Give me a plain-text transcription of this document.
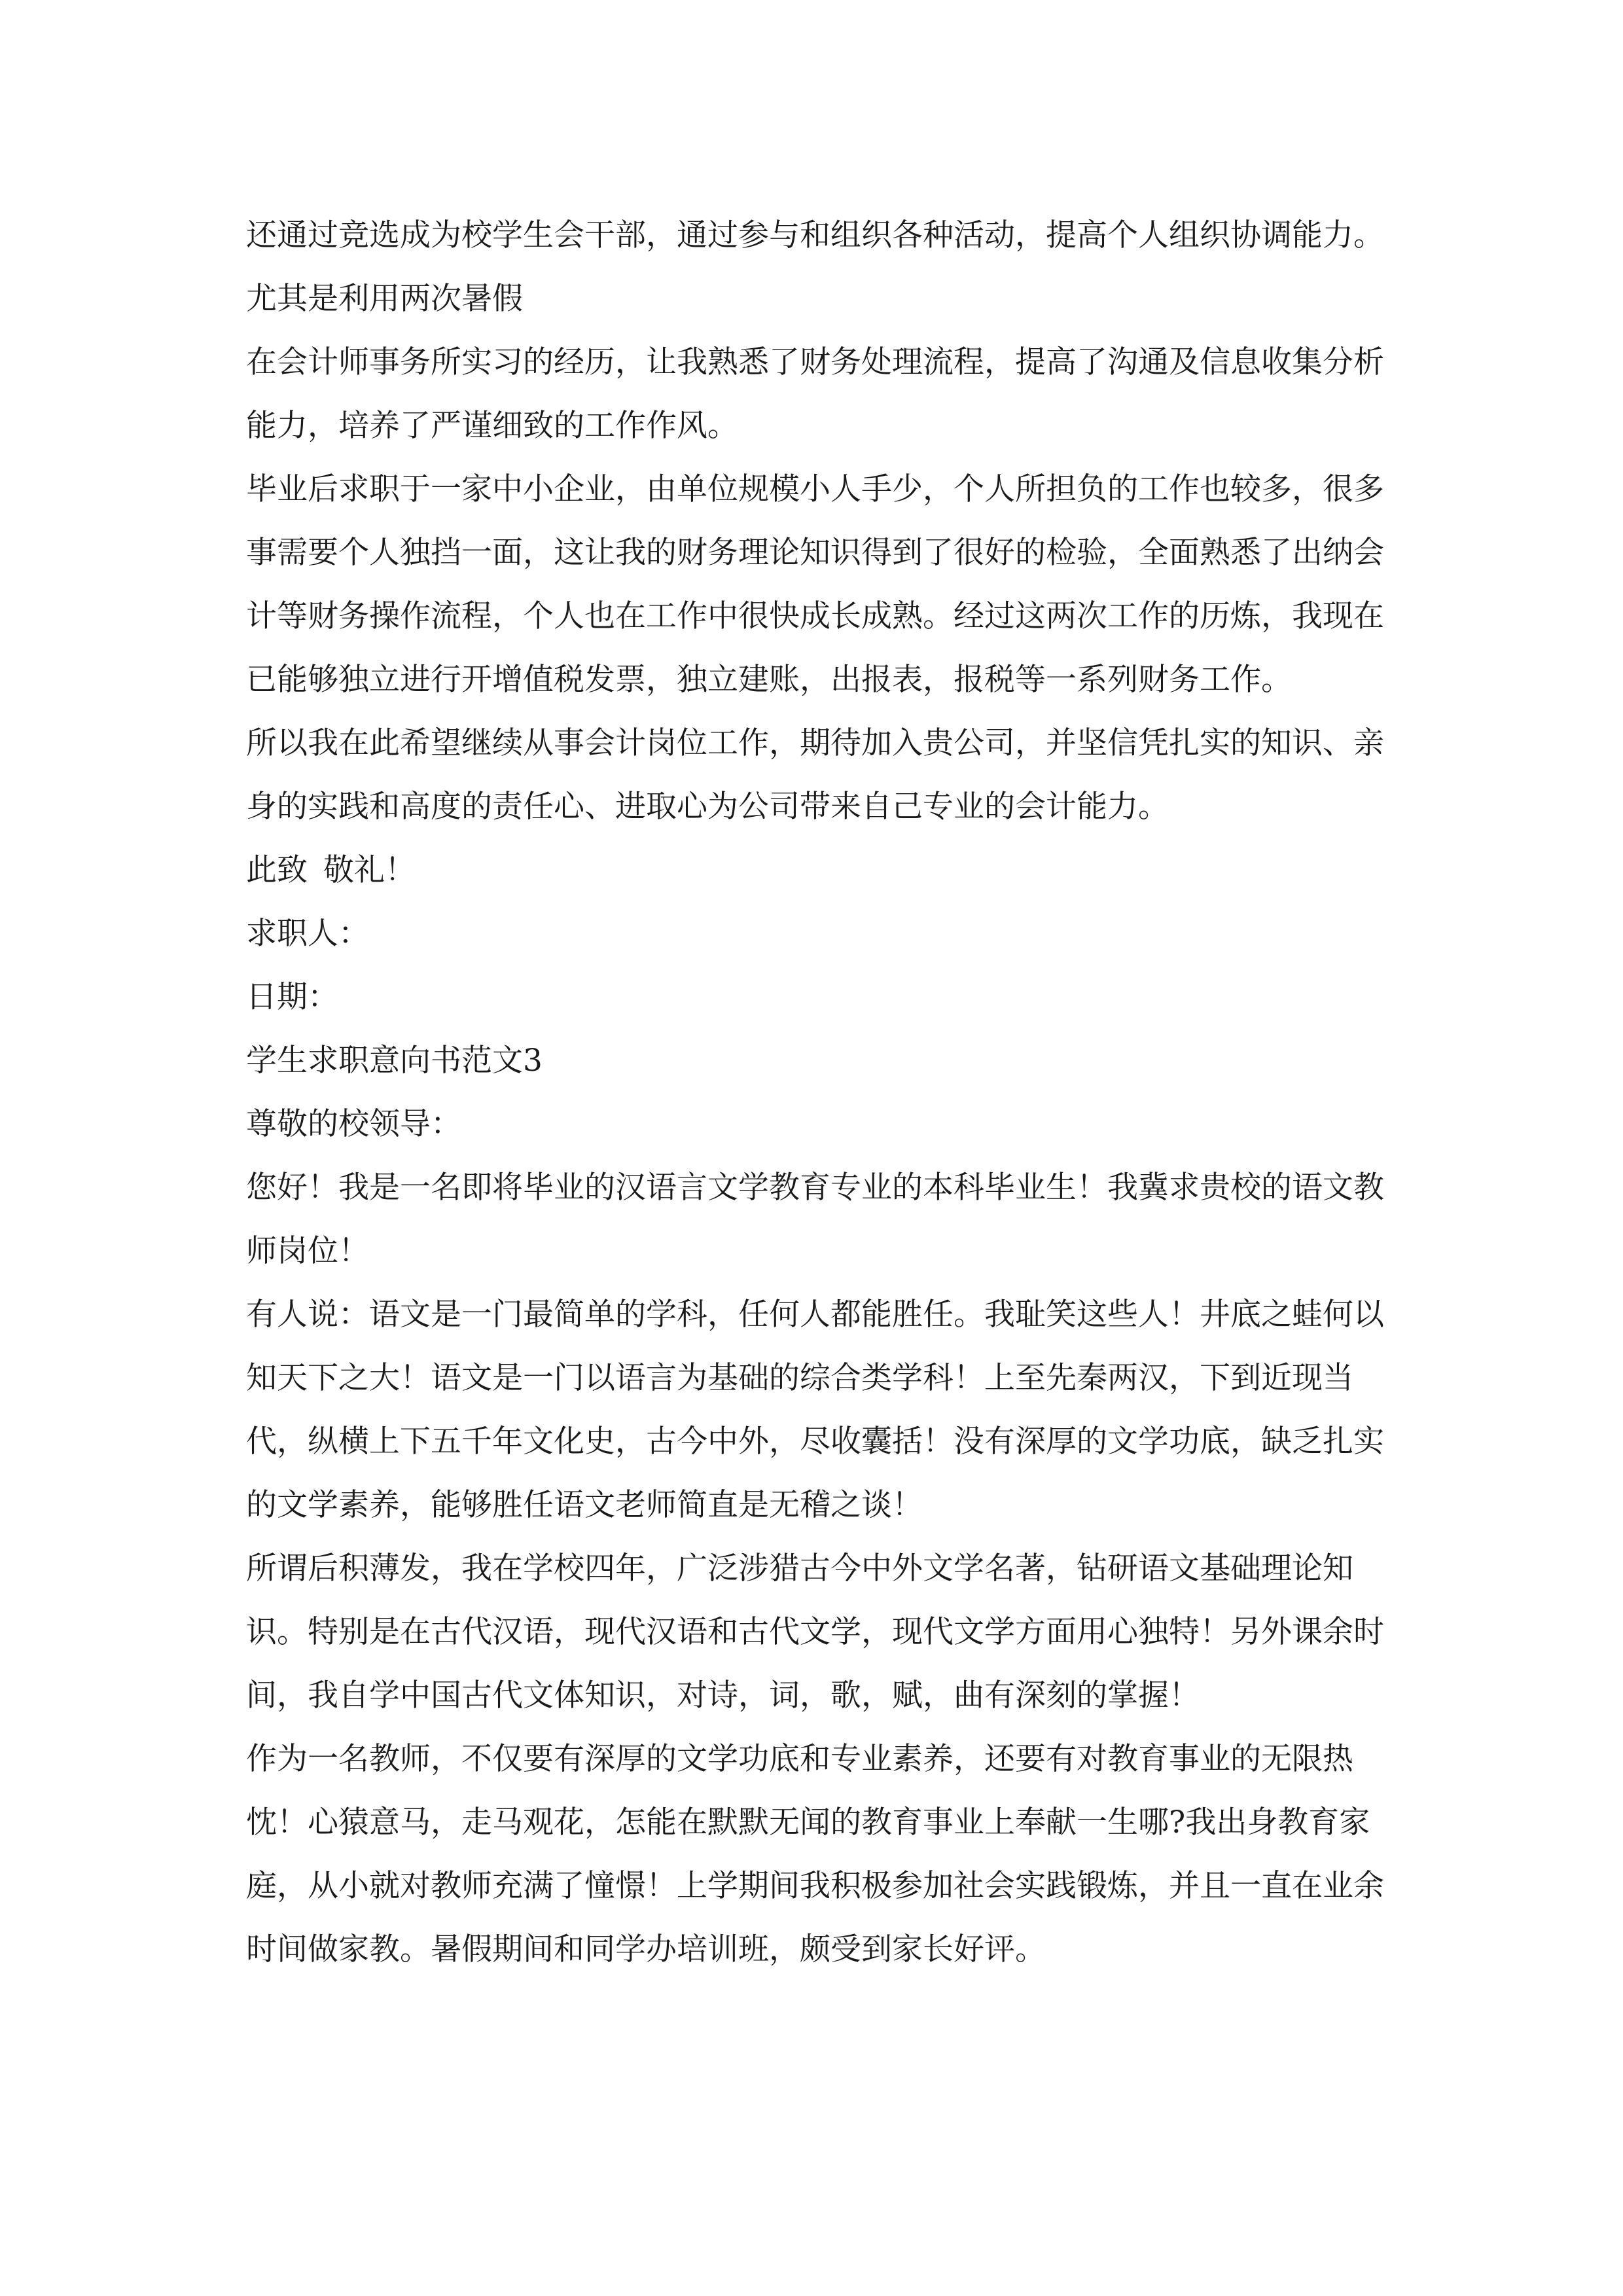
还通过竞选成为校学生会干部，通过参与和组织各种活动，提高个人组织协调能力。尤其是利用两次暑假

在会计师事务所实习的经历，让我熟悉了财务处理流程，提高了沟通及信息收集分析能力，培养了严谨细致的工作作风。

毕业后求职于一家中小企业，由单位规模小人手少，个人所担负的工作也较多，很多事需要个人独挡一面，这让我的财务理论知识得到了很好的检验，全面熟悉了出纳会计等财务操作流程，个人也在工作中很快成长成熟。经过这两次工作的历炼，我现在已能够独立进行开增值税发票，独立建账，出报表，报税等一系列财务工作。

所以我在此希望继续从事会计岗位工作，期待加入贵公司，并坚信凭扎实的知识、亲身的实践和高度的责任心、进取心为公司带来自己专业的会计能力。

此致 敬礼！

求职人：

日期：

学生求职意向书范文3

尊敬的校领导：

您好！我是一名即将毕业的汉语言文学教育专业的本科毕业生！我冀求贵校的语文教师岗位！

有人说：语文是一门最简单的学科，任何人都能胜任。我耻笑这些人！井底之蛙何以知天下之大！语文是一门以语言为基础的综合类学科！上至先秦两汉，下到近现当代，纵横上下五千年文化史，古今中外，尽收囊括！没有深厚的文学功底，缺乏扎实的文学素养，能够胜任语文老师简直是无稽之谈！

所谓后积薄发，我在学校四年，广泛涉猎古今中外文学名著，钻研语文基础理论知识。特别是在古代汉语，现代汉语和古代文学，现代文学方面用心独特！另外课余时间，我自学中国古代文体知识，对诗，词，歌，赋，曲有深刻的掌握！

作为一名教师，不仅要有深厚的文学功底和专业素养，还要有对教育事业的无限热忱！心猿意马，走马观花，怎能在默默无闻的教育事业上奉献一生哪?我出身教育家庭，从小就对教师充满了憧憬！上学期间我积极参加社会实践锻炼，并且一直在业余时间做家教。暑假期间和同学办培训班，颇受到家长好评。
